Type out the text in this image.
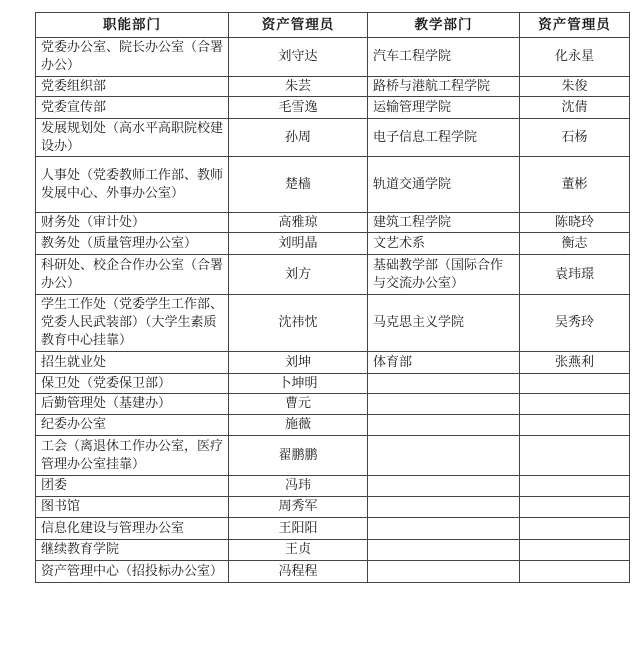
职能部门	资产管理员	教学部门	资产管理员
党委办公室、院长办公室（合署办公）	刘守达	汽车工程学院	化永星
党委组织部	朱芸	路桥与港航工程学院	朱俊
党委宣传部	毛雪逸	运输管理学院	沈倩
发展规划处（高水平高职院校建设办）	孙周	电子信息工程学院	石杨
人事处（党委教师工作部、教师发展中心、外事办公室）	楚樯	轨道交通学院	董彬
财务处（审计处）	高雅琼	建筑工程学院	陈晓玲
教务处（质量管理办公室）	刘明晶	文艺术系	衡志
科研处、校企合作办公室（合署办公）	刘方	基础教学部（国际合作与交流办公室）	袁玮璟
学生工作处（党委学生工作部、党委人民武装部）（大学生素质教育中心挂靠）	沈祎忱	马克思主义学院	吴秀玲
招生就业处	刘坤	体育部	张燕利
保卫处（党委保卫部）	卜坤明		
后勤管理处（基建办）	曹元		
纪委办公室	施薇		
工会（离退休工作办公室，医疗管理办公室挂靠）	翟鹏鹏		
团委	冯玮		
图书馆	周秀军		
信息化建设与管理办公室	王阳阳		
继续教育学院	王贞		
资产管理中心（招投标办公室）	冯程程		
